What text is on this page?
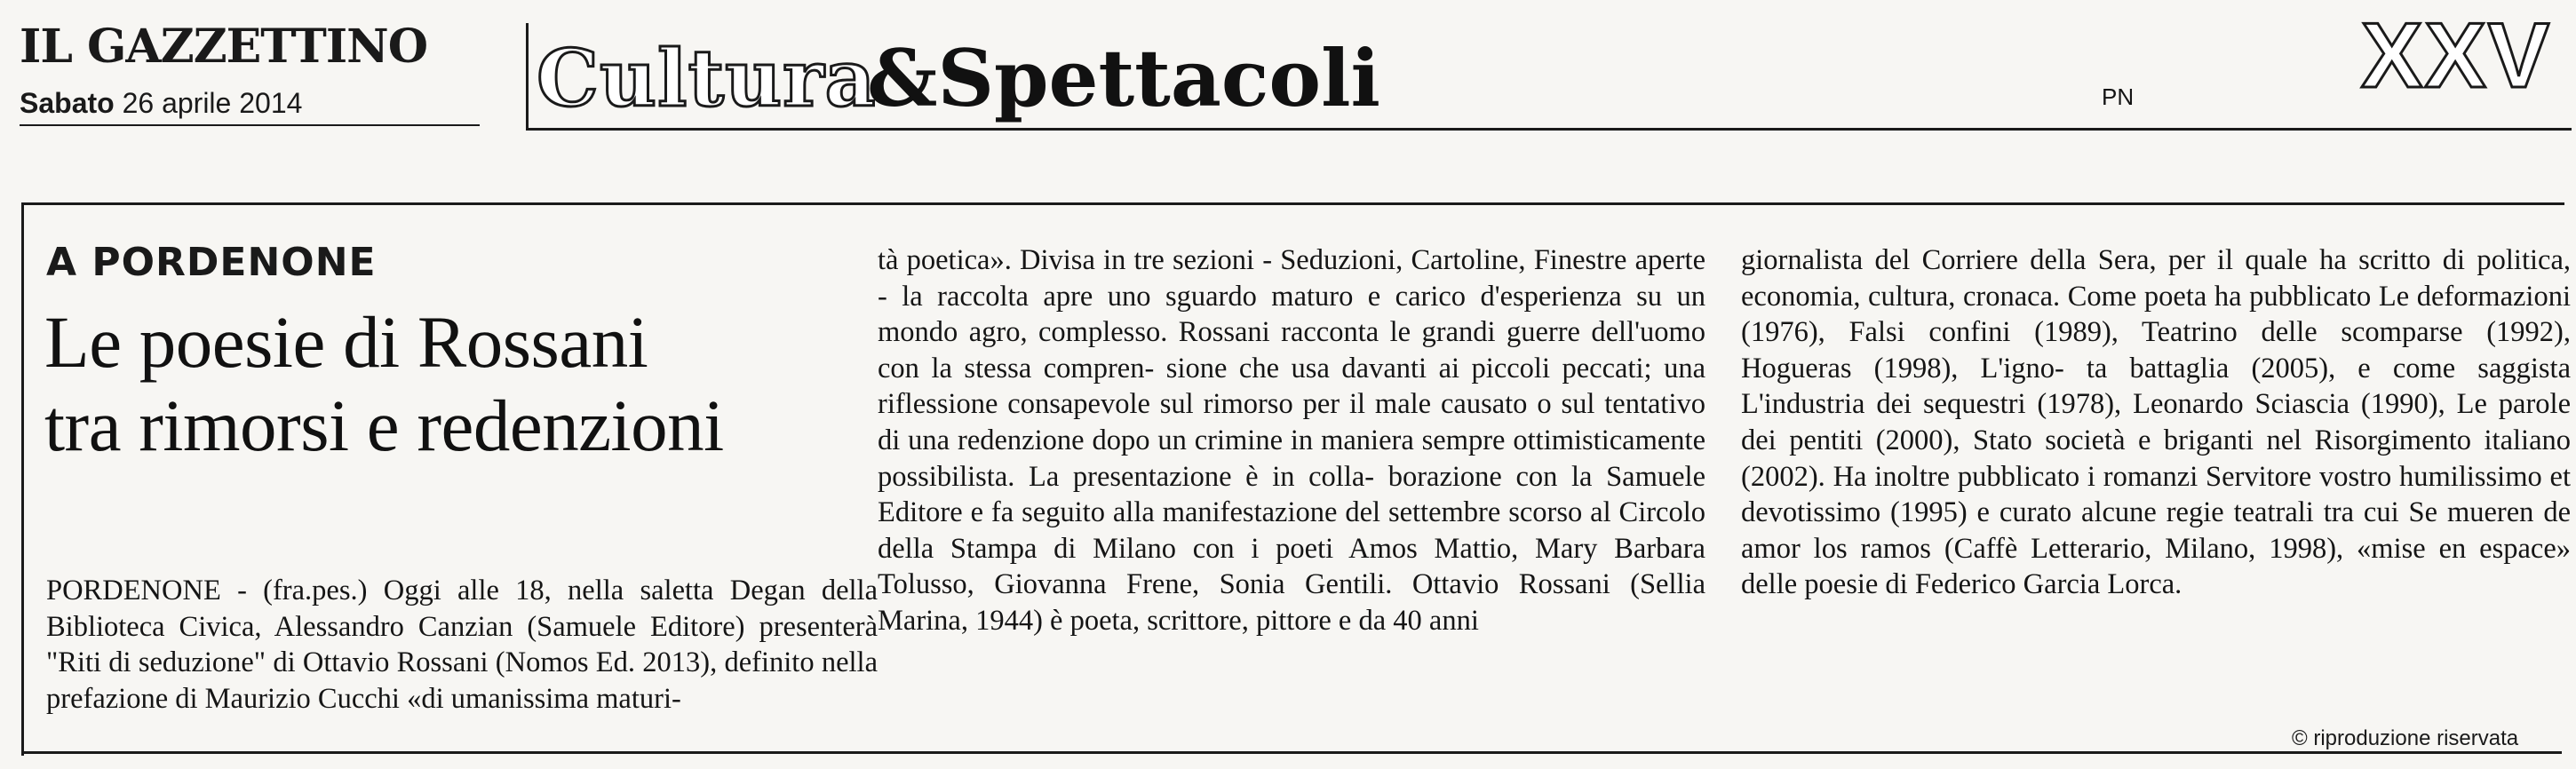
IL GAZZETTINO
Sabato 26 aprile 2014	Cultura
&Spettacoli	PN XXV
A PORDENONE
Le poesie di Rossani
tra rimorsi e redenzioni

PORDENONE - (fra.pes.) Oggi alle 18, nella saletta Degan della Biblioteca Civica, Alessandro Canzian (Samuele Editore) presenterà "Riti di seduzione" di Ottavio Rossani (Nomos Ed. 2013), definito nella prefazione di Maurizio Cucchi «di umanissima maturi-

tà poetica». Divisa in tre sezioni - Seduzioni, Cartoline, Finestre aperte - la raccolta apre uno sguardo maturo e carico d'esperienza su un mondo agro, complesso. Rossani racconta le grandi guerre dell'uomo con la stessa compren- sione che usa davanti ai piccoli peccati; una riflessione consapevole sul rimorso per il male causato o sul tentativo di una redenzione dopo un crimine in maniera sempre ottimisticamente possibilista. La presentazione è in colla- borazione con la Samuele Editore e fa seguito alla manifestazione del settembre scorso al Circolo della Stampa di Milano con i poeti Amos Mattio, Mary Barbara Tolusso, Giovanna Frene, Sonia Gentili. Ottavio Rossani (Sellia Marina, 1944) è poeta, scrittore, pittore e da 40 anni

giornalista del Corriere della Sera, per il quale ha scritto di politica, economia, cultura, cronaca. Come poeta ha pubblicato Le deformazioni (1976), Falsi confini (1989), Teatrino delle scomparse (1992), Hogueras (1998), L'igno- ta battaglia (2005), e come saggista L'industria dei sequestri (1978), Leonardo Sciascia (1990), Le parole dei pentiti (2000), Stato società e briganti nel Risorgimento italiano (2002). Ha inoltre pubblicato i romanzi Servitore vostro humilissimo et devotissimo (1995) e curato alcune regie teatrali tra cui Se mueren de amor los ramos (Caffè Letterario, Milano, 1998), «mise en espace» delle poesie di Federico Garcia Lorca.

© riproduzione riservata
